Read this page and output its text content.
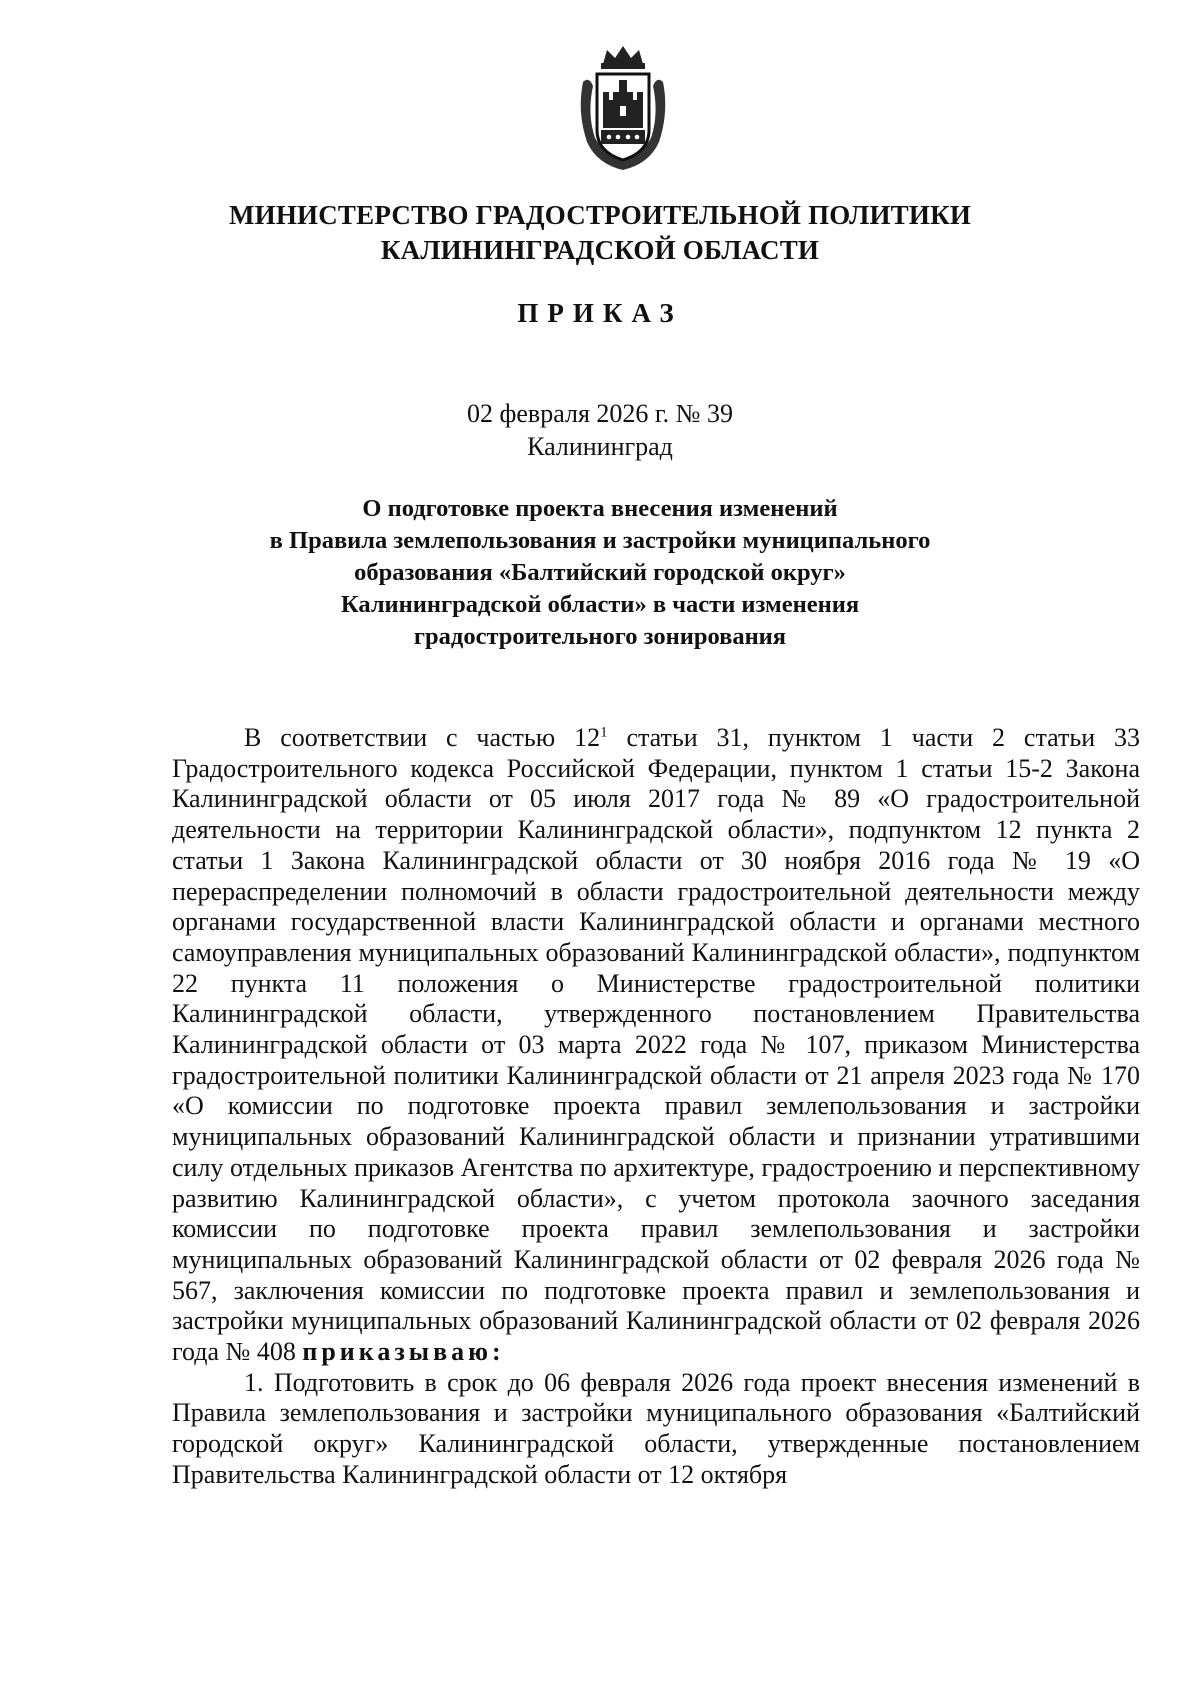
МИНИСТЕРСТВО ГРАДОСТРОИТЕЛЬНОЙ ПОЛИТИКИ
КАЛИНИНГРАДСКОЙ ОБЛАСТИ
ПРИКАЗ
02 февраля 2026 г. № 39
Калининград
О подготовке проекта внесения изменений
в Правила землепользования и застройки муниципального
образования «Балтийский городской округ»
Калининградской области» в части изменения
градостроительного зонирования

В соответствии с частью $12^1$ статьи 31, пунктом 1 части 2 статьи 33 Градостроительного кодекса Российской Федерации, пунктом 1 статьи 15-2 Закона Калининградской области от 05 июля 2017 года № 89 «О градостроительной деятельности на территории Калининградской области», подпунктом 12 пункта 2 статьи 1 Закона Калининградской области от 30 ноября 2016 года № 19 «О перераспределении полномочий в области градостроительной деятельности между органами государственной власти Калининградской области и органами местного самоуправления муниципальных образований Калининградской области», подпунктом 22 пункта 11 положения о Министерстве градостроительной политики Калининградской области, утвержденного постановлением Правительства Калининградской области от 03 марта 2022 года № 107, приказом Министерства градостроительной политики Калининградской области от 21 апреля 2023 года № 170 «О комиссии по подготовке проекта правил землепользования и застройки муниципальных образований Калининградской области и признании утратившими силу отдельных приказов Агентства по архитектуре, градостроению и перспективному развитию Калининградской области», с учетом протокола заочного заседания комиссии по подготовке проекта правил землепользования и застройки муниципальных образований Калининградской области от 02 февраля 2026 года № 567, заключения комиссии по подготовке проекта правил и землепользования и застройки муниципальных образований Калининградской области от 02 февраля 2026 года № 408 приказываю:

1. Подготовить в срок до 06 февраля 2026 года проект внесения изменений в Правила землепользования и застройки муниципального образования «Балтийский городской округ» Калининградской области, утвержденные постановлением Правительства Калининградской области от 12 октября
